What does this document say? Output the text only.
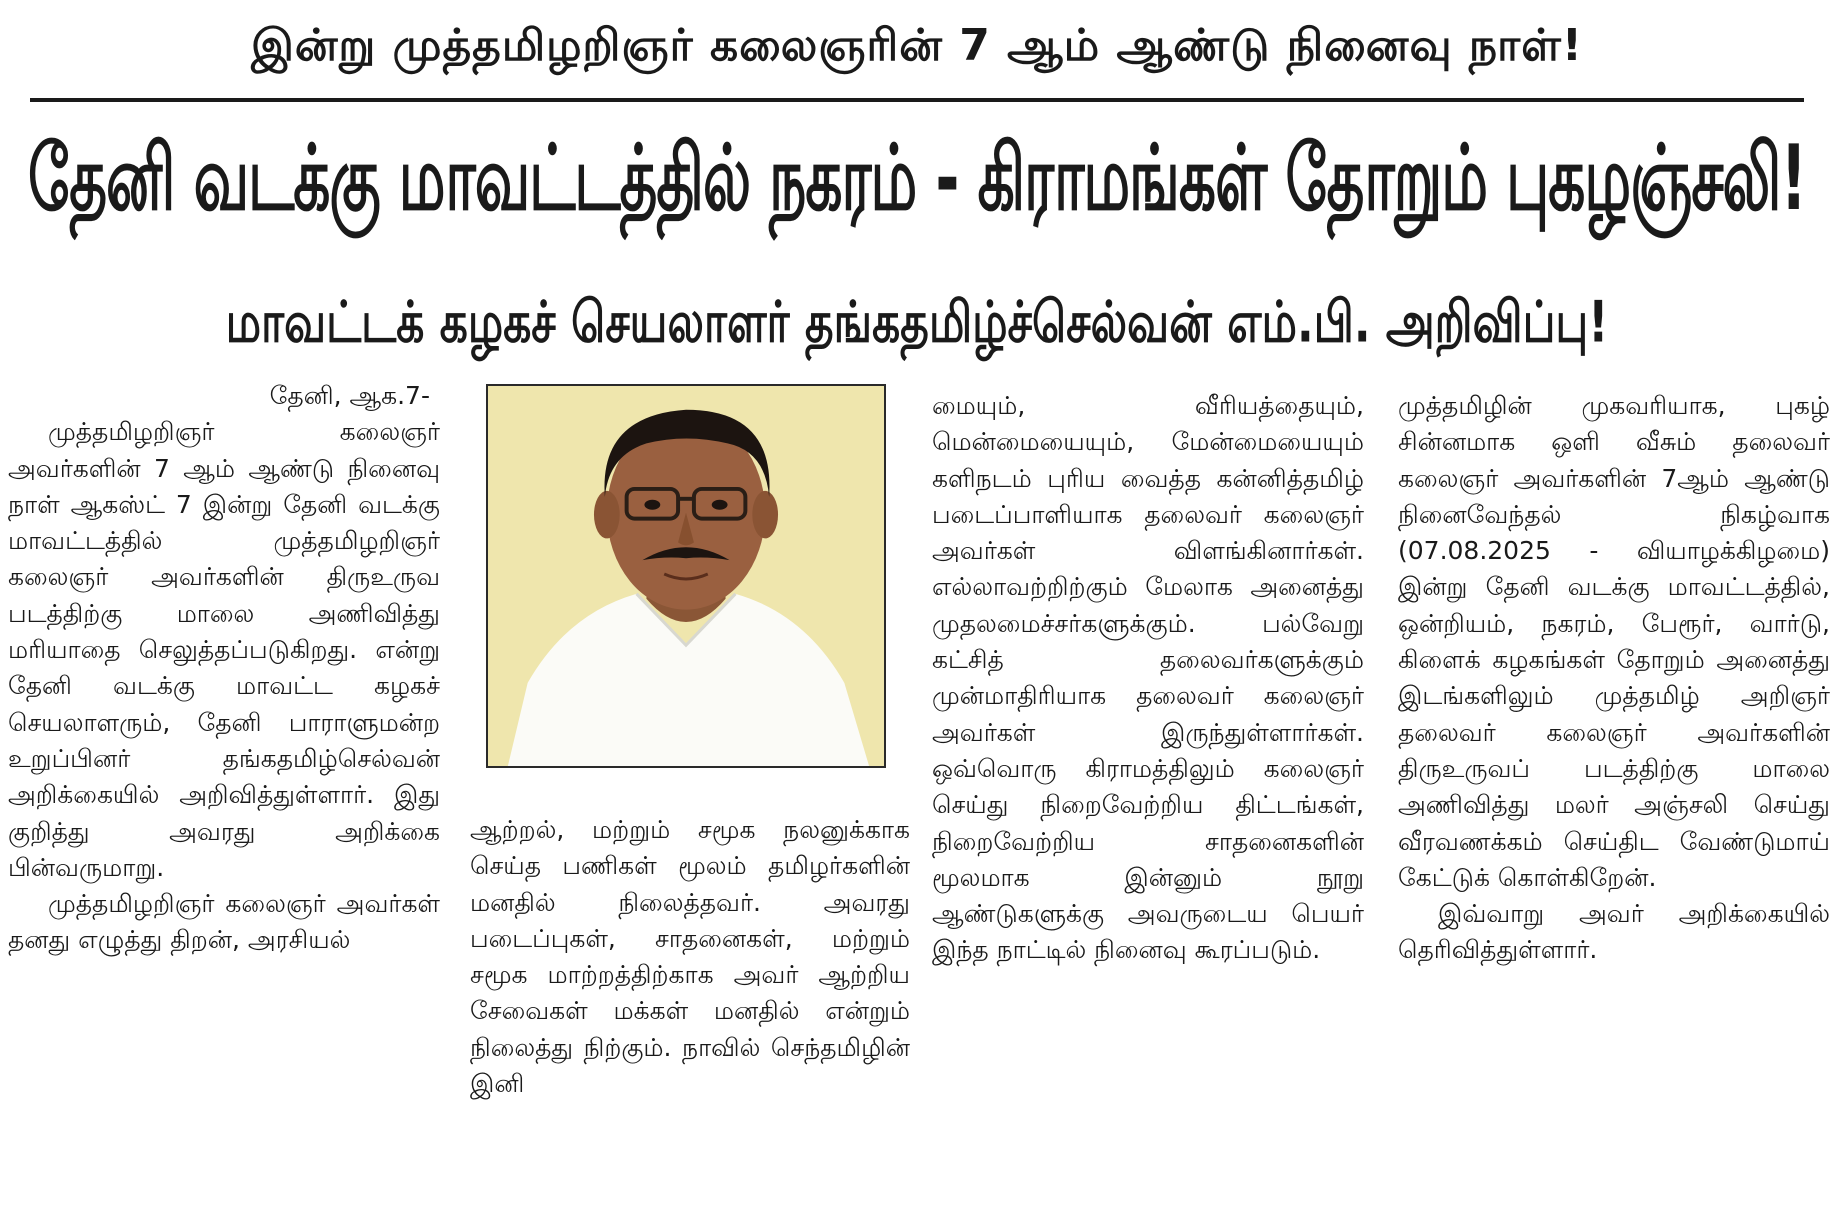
இன்று முத்தமிழறிஞர் கலைஞரின் 7 ஆம் ஆண்டு நினைவு நாள்!
தேனி வடக்கு மாவட்டத்தில் நகரம் - கிராமங்கள் தோறும் புகழஞ்சலி!
மாவட்டக் கழகச் செயலாளர் தங்கதமிழ்ச்செல்வன் எம்.பி. அறிவிப்பு!
தேனி, ஆக.7-

முத்தமிழறிஞர் கலைஞர் அவர்களின் 7 ஆம் ஆண்டு நினைவு நாள் ஆகஸ்ட் 7 இன்று தேனி வடக்கு மாவட்டத்தில் முத்தமிழறிஞர் கலைஞர் அவர்களின் திருஉருவ படத்திற்கு மாலை அணிவித்து மரியாதை செலுத்தப்படுகிறது. என்று தேனி வடக்கு மாவட்ட கழகச் செயலாளரும், தேனி பாராளுமன்ற உறுப்பினர் தங்கதமிழ்செல்வன் அறிக்கையில் அறிவித்துள்ளார். இது குறித்து அவரது அறிக்கை பின்வருமாறு.

முத்தமிழறிஞர் கலைஞர் அவர்கள் தனது எழுத்து திறன், அரசியல்

ஆற்றல், மற்றும் சமூக நலனுக்காக செய்த பணிகள் மூலம் தமிழர்களின் மனதில் நிலைத்தவர். அவரது படைப்புகள், சாதனைகள், மற்றும் சமூக மாற்றத்திற்காக அவர் ஆற்றிய சேவைகள் மக்கள் மனதில் என்றும் நிலைத்து நிற்கும். நாவில் செந்தமிழின் இனி

மையும், வீரியத்தையும், மென்மையையும், மேன்மையையும் களிநடம் புரிய வைத்த கன்னித்தமிழ் படைப்பாளியாக தலைவர் கலைஞர் அவர்கள் விளங்கினார்கள். எல்லாவற்றிற்கும் மேலாக அனைத்து முதலமைச்சர்களுக்கும். பல்வேறு கட்சித் தலைவர்களுக்கும் முன்மாதிரியாக தலைவர் கலைஞர் அவர்கள் இருந்துள்ளார்கள். ஒவ்வொரு கிராமத்திலும் கலைஞர் செய்து நிறைவேற்றிய திட்டங்கள், நிறைவேற்றிய சாதனைகளின் மூலமாக இன்னும் நூறு ஆண்டுகளுக்கு அவருடைய பெயர் இந்த நாட்டில் நினைவு கூரப்படும்.

முத்தமிழின் முகவரியாக, புகழ் சின்னமாக ஒளி வீசும் தலைவர் கலைஞர் அவர்களின் 7ஆம் ஆண்டு நினைவேந்தல் நிகழ்வாக (07.08.2025 - வியாழக்கிழமை) இன்று தேனி வடக்கு மாவட்டத்தில், ஒன்றியம், நகரம், பேரூர், வார்டு, கிளைக் கழகங்கள் தோறும் அனைத்து இடங்களிலும் முத்தமிழ் அறிஞர் தலைவர் கலைஞர் அவர்களின் திருஉருவப் படத்திற்கு மாலை அணிவித்து மலர் அஞ்சலி செய்து வீரவணக்கம் செய்திட வேண்டுமாய் கேட்டுக் கொள்கிறேன்.

இவ்வாறு அவர் அறிக்கையில் தெரிவித்துள்ளார்.
